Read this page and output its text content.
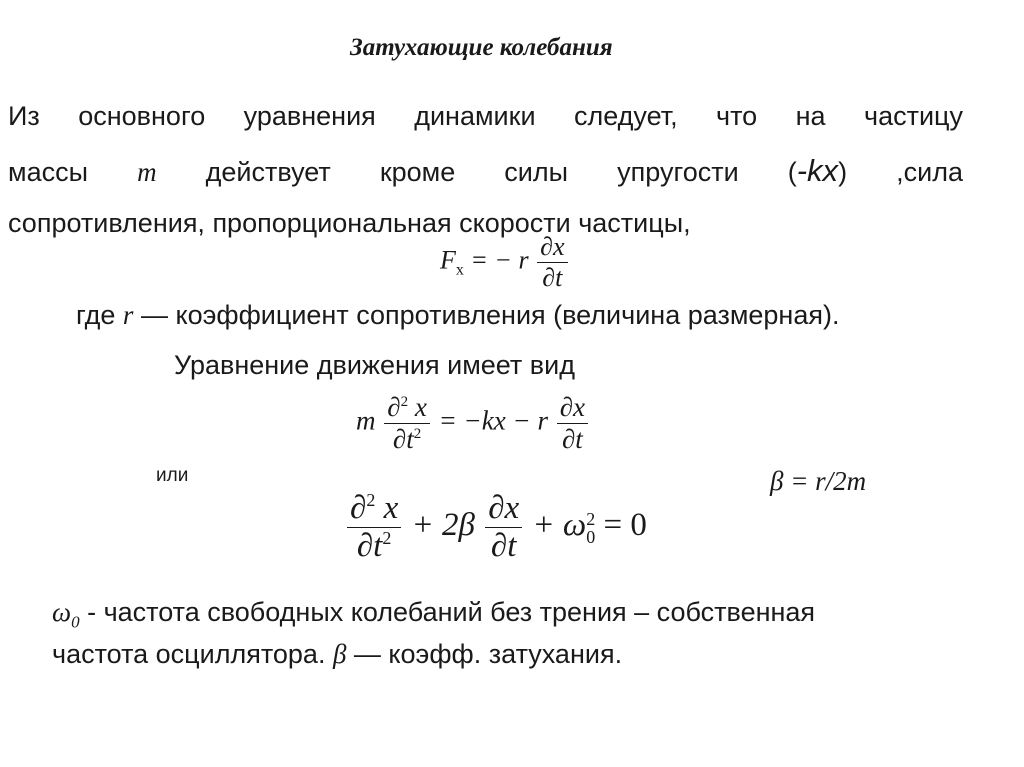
Затухающие колебания
Из основного уравнения динамики следует, что на частицу
массы m действует кроме силы упругости (-kx) ,сила
сопротивления, пропорциональная скорости частицы,
$F_x$ = − r $\frac{\partial x}{\partial t}$
где r — коэффициент сопротивления (величина размерная).
Уравнение движения имеет вид
m $\frac{\partial^2 x}{\partial t^2} = -kx - r \frac{\partial x}{\partial t}$
или	β = r/2m
$\frac{\partial^2 x}{\partial t^2} + 2\beta \frac{\partial x}{\partial t} + \omega$ 2
0 = 0
$\omega_0$ - частота свободных колебаний без трения – собственная
частота осциллятора. β — коэфф. затухания.
